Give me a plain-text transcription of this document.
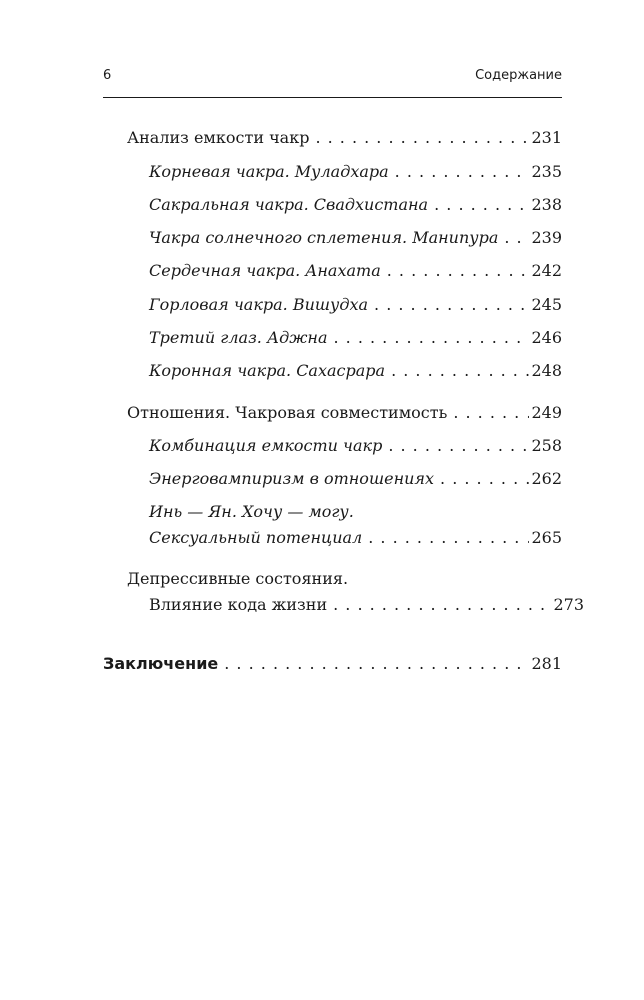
6	Содержание
Анализ емкости чакр . . .	231
Корневая чакра. Муладхара . . .	235
Сакральная чакра. Свадхистана . . .	238
Чакра солнечного сплетения. Манипура . . . 239
Сердечная чакра. Анахата . . .	242
Горловая чакра. Вишудха . . .	245
Третий глаз. Аджна . . .	246
Коронная чакра. Сахасрара . . .	248
Отношения. Чакровая совместимость . . .	249
Комбинация емкости чакр . . .	258
Энерговампиризм в отношениях . . .	262
Инь — Ян. Хочу — могу.
Сексуальный потенциал . . .	265
Депрессивные состояния.
Влияние кода жизни . . .	273
Заключение . . .	281
